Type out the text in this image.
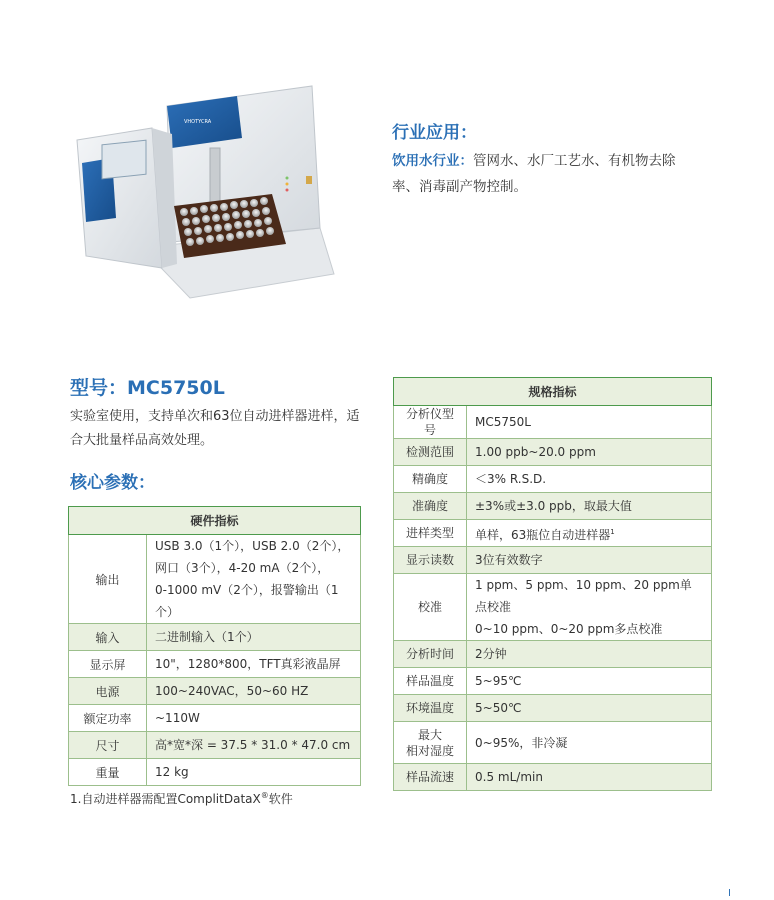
VHOTYCRA
行业应用：
饮用水行业：管网水、水厂工艺水、有机物去除
率、消毒副产物控制。
型号：MC5750L
实验室使用，支持单次和63位自动进样器进样，适
合大批量样品高效处理。
核心参数：
硬件指标	
输出	USB 3.0（1个），USB 2.0（2个），
网口（3个），4-20 mA（2个），
0-1000 mV（2个），报警输出（1个）

输入	二进制输入（1个）

显示屏	10"，1280*800，TFT真彩液晶屏

电源	100~240VAC，50~60 HZ

额定功率	~110W

尺寸	高*宽*深 = 37.5 * 31.0 * 47.0 cm

重量	12 kg
规格指标	

分析仪型号	MC5750L

检测范围	1.00 ppb~20.0 ppm

精确度	＜3% R.S.D.

准确度	±3%或±3.0 ppb，取最大值

进样类型	单样，63瓶位自动进样器$^1$

显示读数	3位有效数字

校准	1 ppm、5 ppm、10 ppm、20 ppm单点校准
0~10 ppm、0~20 ppm多点校准

分析时间	2分钟

样品温度	5~95℃

环境温度	5~50℃

最大
相对湿度	0~95%，非冷凝

样品流速	0.5 mL/min
1.自动进样器需配置ComplitDataX®软件
I
